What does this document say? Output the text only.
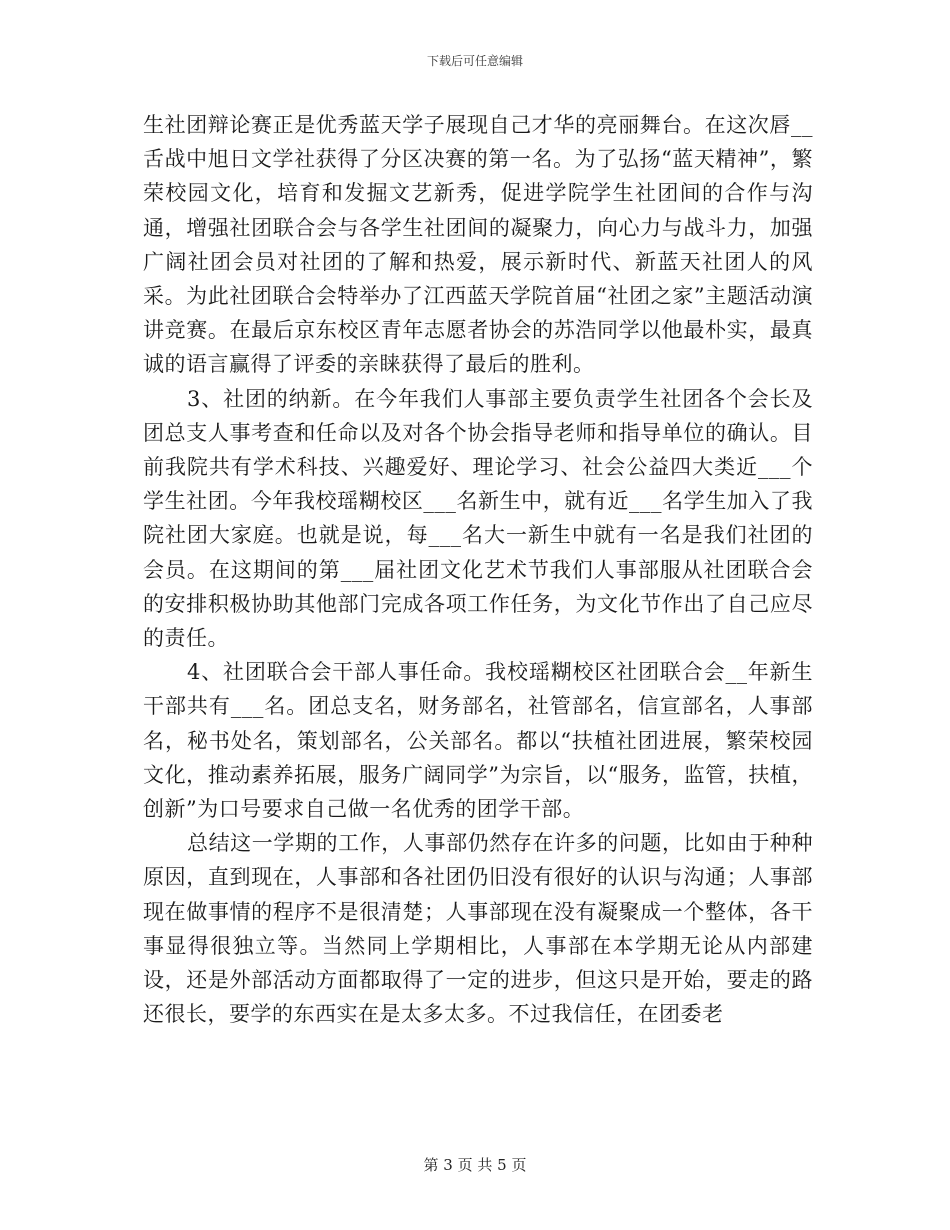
下载后可任意编辑

生社团辩论赛正是优秀蓝天学子展现自己才华的亮丽舞台。在这次唇__舌战中旭日文学社获得了分区决赛的第一名。为了弘扬“蓝天精神”，繁荣校园文化，培育和发掘文艺新秀，促进学院学生社团间的合作与沟通，增强社团联合会与各学生社团间的凝聚力，向心力与战斗力，加强广阔社团会员对社团的了解和热爱，展示新时代、新蓝天社团人的风采。为此社团联合会特举办了江西蓝天学院首届“社团之家”主题活动演讲竞赛。在最后京东校区青年志愿者协会的苏浩同学以他最朴实，最真诚的语言赢得了评委的亲睐获得了最后的胜利。

3、社团的纳新。在今年我们人事部主要负责学生社团各个会长及团总支人事考查和任命以及对各个协会指导老师和指导单位的确认。目前我院共有学术科技、兴趣爱好、理论学习、社会公益四大类近___个学生社团。今年我校瑶糊校区___名新生中，就有近___名学生加入了我院社团大家庭。也就是说，每___名大一新生中就有一名是我们社团的会员。在这期间的第___届社团文化艺术节我们人事部服从社团联合会的安排积极协助其他部门完成各项工作任务，为文化节作出了自己应尽的责任。

4、社团联合会干部人事任命。我校瑶糊校区社团联合会__年新生干部共有___名。团总支名，财务部名，社管部名，信宣部名，人事部名，秘书处名，策划部名，公关部名。都以“扶植社团进展，繁荣校园文化，推动素养拓展，服务广阔同学”为宗旨，以“服务，监管，扶植，创新”为口号要求自己做一名优秀的团学干部。

总结这一学期的工作，人事部仍然存在许多的问题，比如由于种种原因，直到现在，人事部和各社团仍旧没有很好的认识与沟通；人事部现在做事情的程序不是很清楚；人事部现在没有凝聚成一个整体，各干事显得很独立等。当然同上学期相比，人事部在本学期无论从内部建设，还是外部活动方面都取得了一定的进步，但这只是开始，要走的路还很长，要学的东西实在是太多太多。不过我信任，在团委老

第 3 页 共 5 页
